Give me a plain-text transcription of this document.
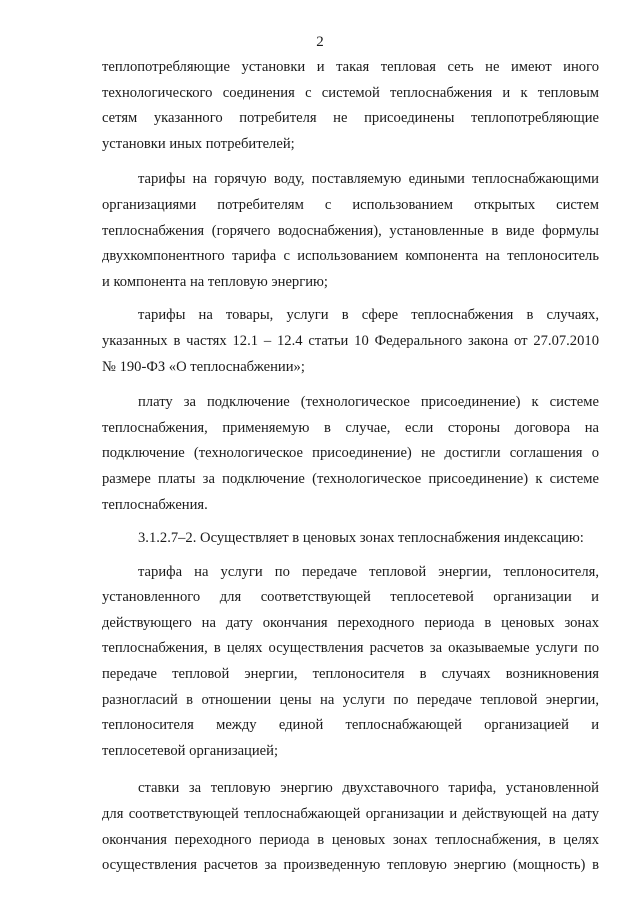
2
теплопотребляющие установки и такая тепловая сеть не имеют иного
технологического соединения с системой теплоснабжения и к тепловым
сетям указанного потребителя не присоединены теплопотребляющие
установки иных потребителей;
тарифы на горячую воду, поставляемую едиными теплоснабжающими
организациями потребителям с использованием открытых систем
теплоснабжения (горячего водоснабжения), установленные в виде формулы
двухкомпонентного тарифа с использованием компонента на теплоноситель
и компонента на тепловую энергию;
тарифы на товары, услуги в сфере теплоснабжения в случаях,
указанных в частях 12.1 – 12.4 статьи 10 Федерального закона от 27.07.2010
№ 190-ФЗ «О теплоснабжении»;
плату за подключение (технологическое присоединение) к системе
теплоснабжения, применяемую в случае, если стороны договора на
подключение (технологическое присоединение) не достигли соглашения о
размере платы за подключение (технологическое присоединение) к системе
теплоснабжения.
3.1.2.7–2. Осуществляет в ценовых зонах теплоснабжения индексацию:
тарифа на услуги по передаче тепловой энергии, теплоносителя,
установленного для соответствующей теплосетевой организации и
действующего на дату окончания переходного периода в ценовых зонах
теплоснабжения, в целях осуществления расчетов за оказываемые услуги по
передаче тепловой энергии, теплоносителя в случаях возникновения
разногласий в отношении цены на услуги по передаче тепловой энергии,
теплоносителя между единой теплоснабжающей организацией и
теплосетевой организацией;
ставки за тепловую энергию двухставочного тарифа, установленной
для соответствующей теплоснабжающей организации и действующей на дату
окончания переходного периода в ценовых зонах теплоснабжения, в целях
осуществления расчетов за произведенную тепловую энергию (мощность) в
